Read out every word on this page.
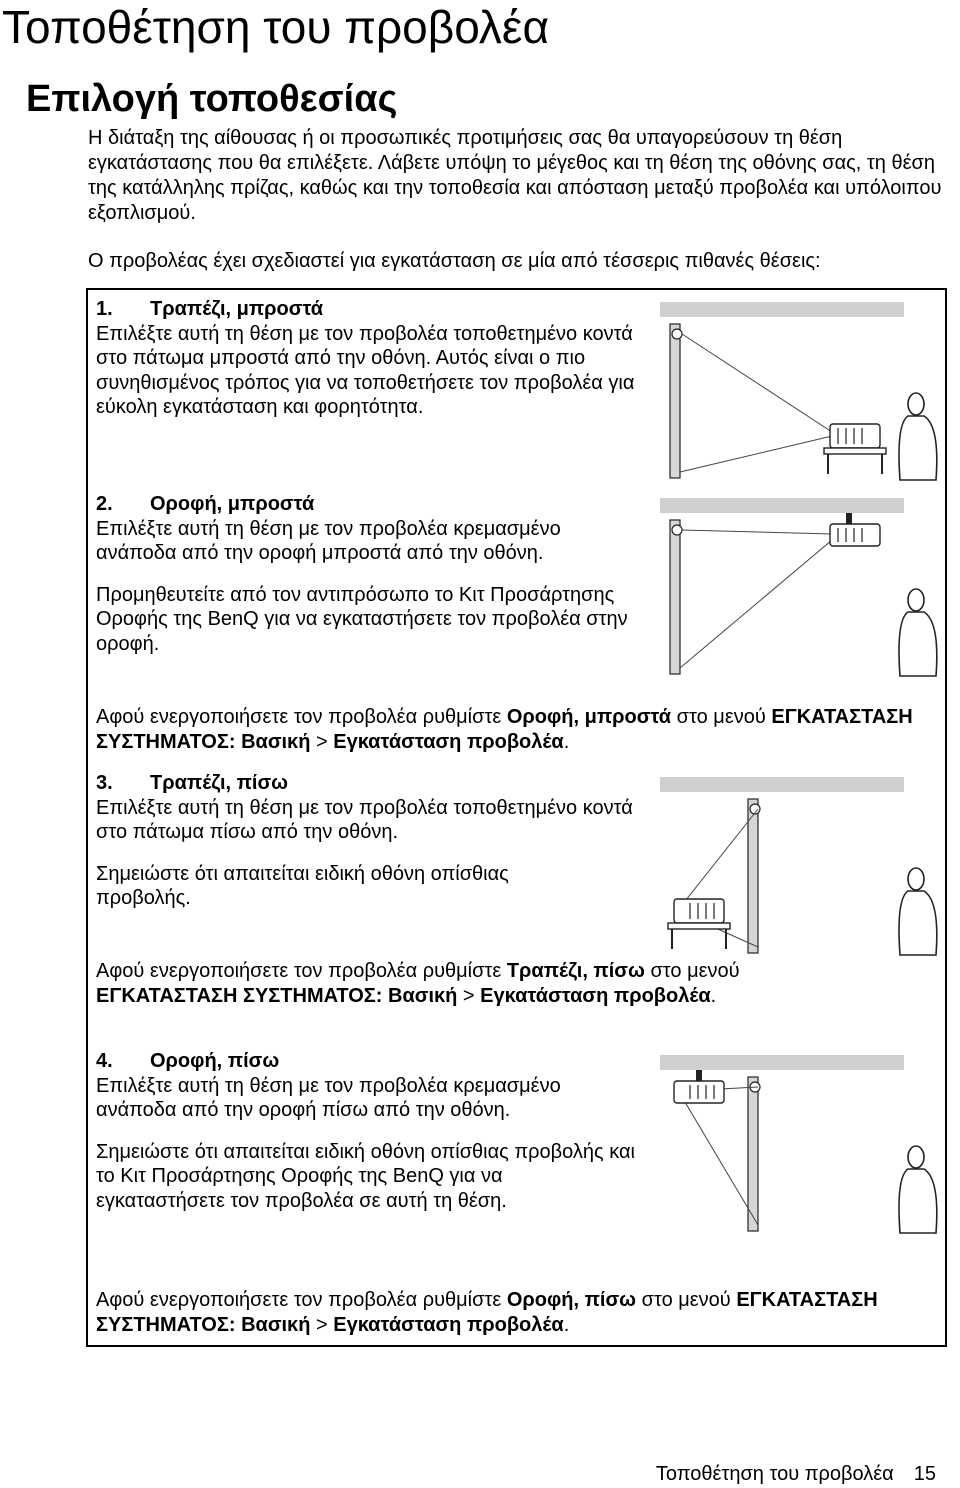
Τοποθέτηση του προβολέα
Επιλογή τοποθεσίας

Η διάταξη της αίθουσας ή οι προσωπικές προτιμήσεις σας θα υπαγορεύσουν τη θέση εγκατάστασης που θα επιλέξετε. Λάβετε υπόψη το μέγεθος και τη θέση της οθόνης σας, τη θέση της κατάλληλης πρίζας, καθώς και την τοποθεσία και απόσταση μεταξύ προβολέα και υπόλοιπου εξοπλισμού.

Ο προβολέας έχει σχεδιαστεί για εγκατάσταση σε μία από τέσσερις πιθανές θέσεις:

1. Τραπέζι, μπροστά

Επιλέξτε αυτή τη θέση με τον προβολέα τοποθετημένο κοντά στο πάτωμα μπροστά από την οθόνη. Αυτός είναι ο πιο συνηθισμένος τρόπος για να τοποθετήσετε τον προβολέα για εύκολη εγκατάσταση και φορητότητα.

2. Οροφή, μπροστά

Επιλέξτε αυτή τη θέση με τον προβολέα κρεμασμένο ανάποδα από την οροφή μπροστά από την οθόνη.

Προμηθευτείτε από τον αντιπρόσωπο το Κιτ Προσάρτησης Οροφής της BenQ για να εγκαταστήσετε τον προβολέα στην οροφή.

Αφού ενεργοποιήσετε τον προβολέα ρυθμίστε Οροφή, μπροστά στο μενού ΕΓΚΑΤΑΣΤΑΣΗ ΣΥΣΤΗΜΑΤΟΣ: Βασική > Εγκατάσταση προβολέα.

3. Τραπέζι, πίσω

Επιλέξτε αυτή τη θέση με τον προβολέα τοποθετημένο κοντά στο πάτωμα πίσω από την οθόνη.

Σημειώστε ότι απαιτείται ειδική οθόνη οπίσθιας προβολής.

Αφού ενεργοποιήσετε τον προβολέα ρυθμίστε Τραπέζι, πίσω στο μενού ΕΓΚΑΤΑΣΤΑΣΗ ΣΥΣΤΗΜΑΤΟΣ: Βασική > Εγκατάσταση προβολέα.

4. Οροφή, πίσω

Επιλέξτε αυτή τη θέση με τον προβολέα κρεμασμένο ανάποδα από την οροφή πίσω από την οθόνη.

Σημειώστε ότι απαιτείται ειδική οθόνη οπίσθιας προβολής και το Κιτ Προσάρτησης Οροφής της BenQ για να εγκαταστήσετε τον προβολέα σε αυτή τη θέση.

Αφού ενεργοποιήσετε τον προβολέα ρυθμίστε Οροφή, πίσω στο μενού ΕΓΚΑΤΑΣΤΑΣΗ ΣΥΣΤΗΜΑΤΟΣ: Βασική > Εγκατάσταση προβολέα.
Τοποθέτηση του προβολέα 15
